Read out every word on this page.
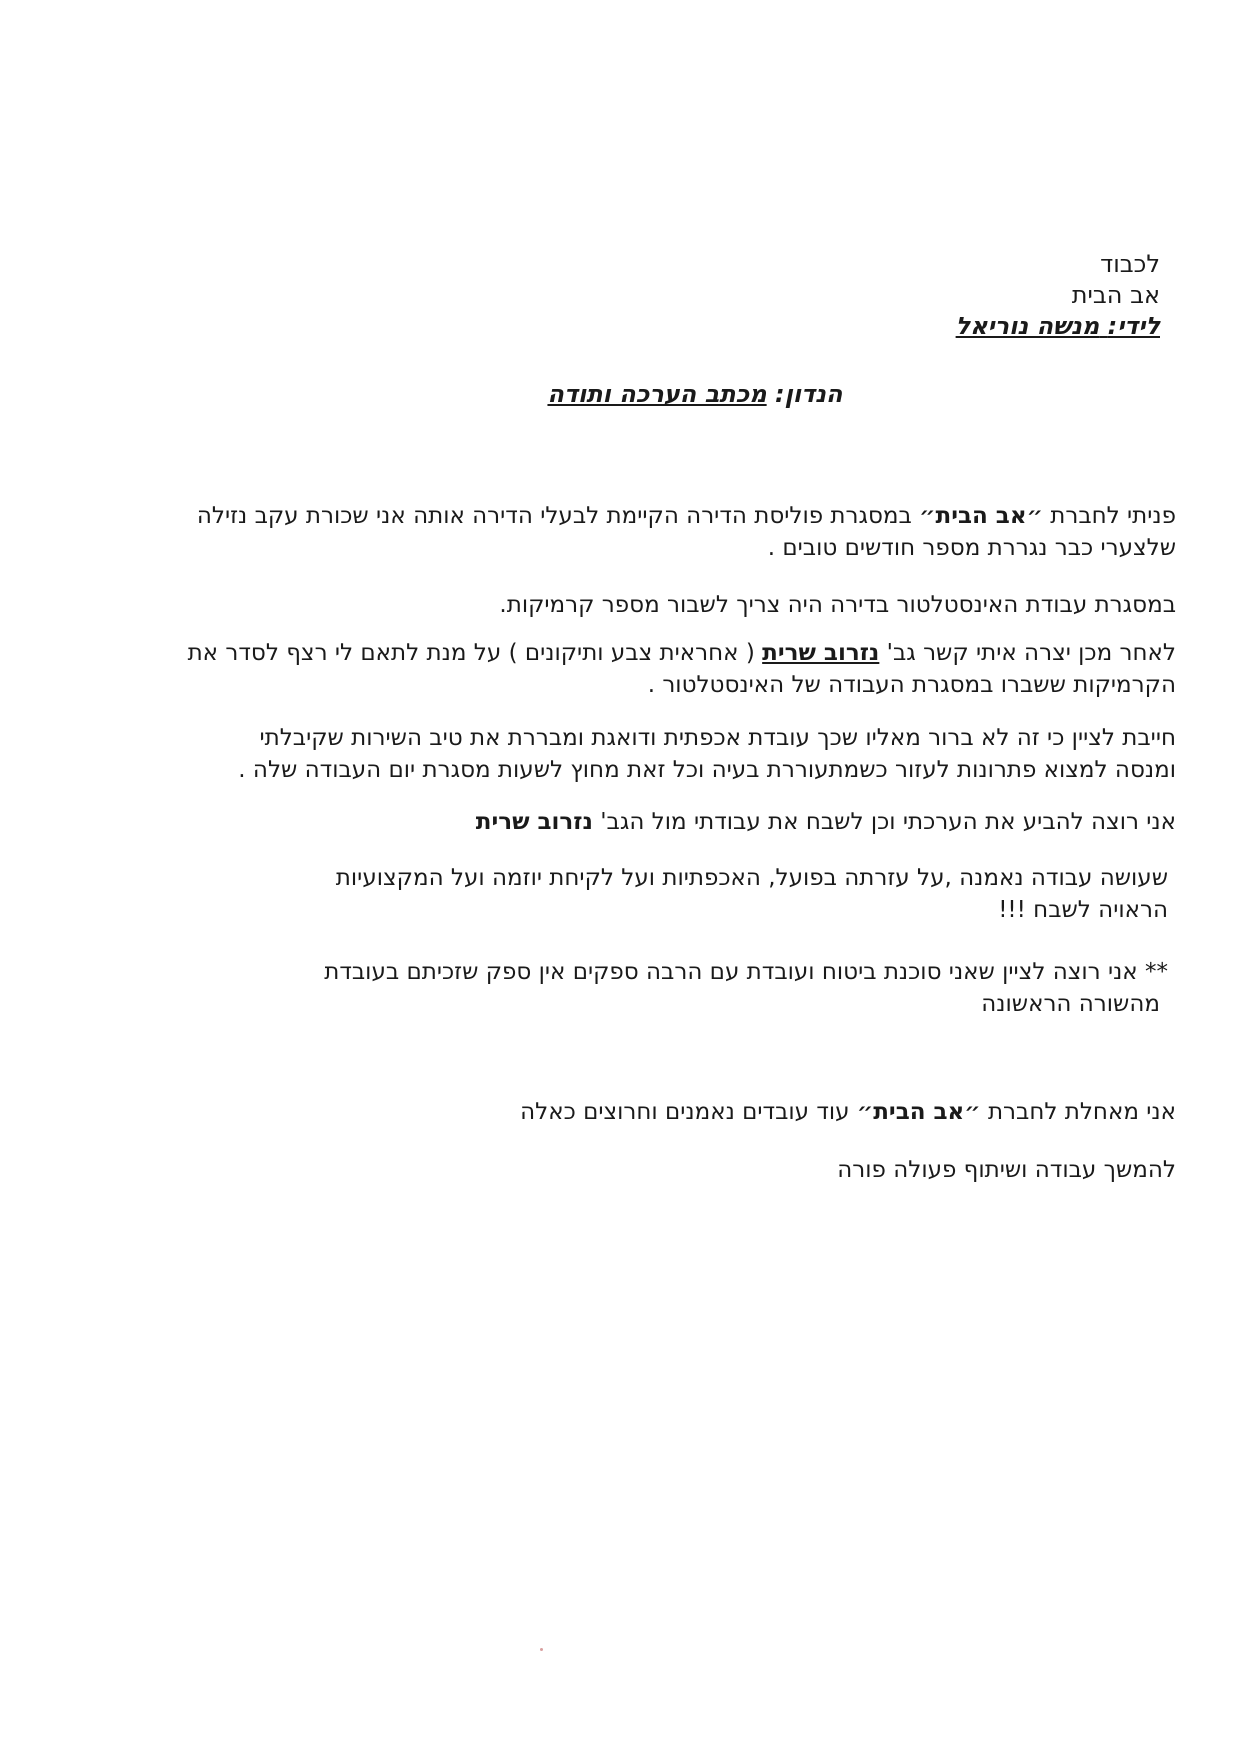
לכבוד
אב הבית
לידי: מנשה נוריאל
הנדון: מכתב הערכה ותודה
פניתי לחברת ״אב הבית״ במסגרת פוליסת הדירה הקיימת לבעלי הדירה אותה אני שכורת עקב נזילה
שלצערי כבר נגררת מספר חודשים טובים .
במסגרת עבודת האינסטלטור בדירה היה צריך לשבור מספר קרמיקות.
לאחר מכן יצרה איתי קשר גב' נזרוב שרית ( אחראית צבע ותיקונים ) על מנת לתאם לי רצף לסדר את
הקרמיקות ששברו במסגרת העבודה של האינסטלטור .
חייבת לציין כי זה לא ברור מאליו שכך עובדת אכפתית ודואגת ומבררת את טיב השירות שקיבלתי
ומנסה למצוא פתרונות לעזור כשמתעוררת בעיה וכל זאת מחוץ לשעות מסגרת יום העבודה שלה .
אני רוצה להביע את הערכתי וכן לשבח את עבודתי מול הגב' נזרוב שרית
שעושה עבודה נאמנה ,על עזרתה בפועל, האכפתיות ועל לקיחת יוזמה ועל המקצועיות
הראויה לשבח !!!
** אני רוצה לציין שאני סוכנת ביטוח ועובדת עם הרבה ספקים אין ספק שזכיתם בעובדת
מהשורה הראשונה
אני מאחלת לחברת ״אב הבית״ עוד עובדים נאמנים וחרוצים כאלה
להמשך עבודה ושיתוף פעולה פורה
